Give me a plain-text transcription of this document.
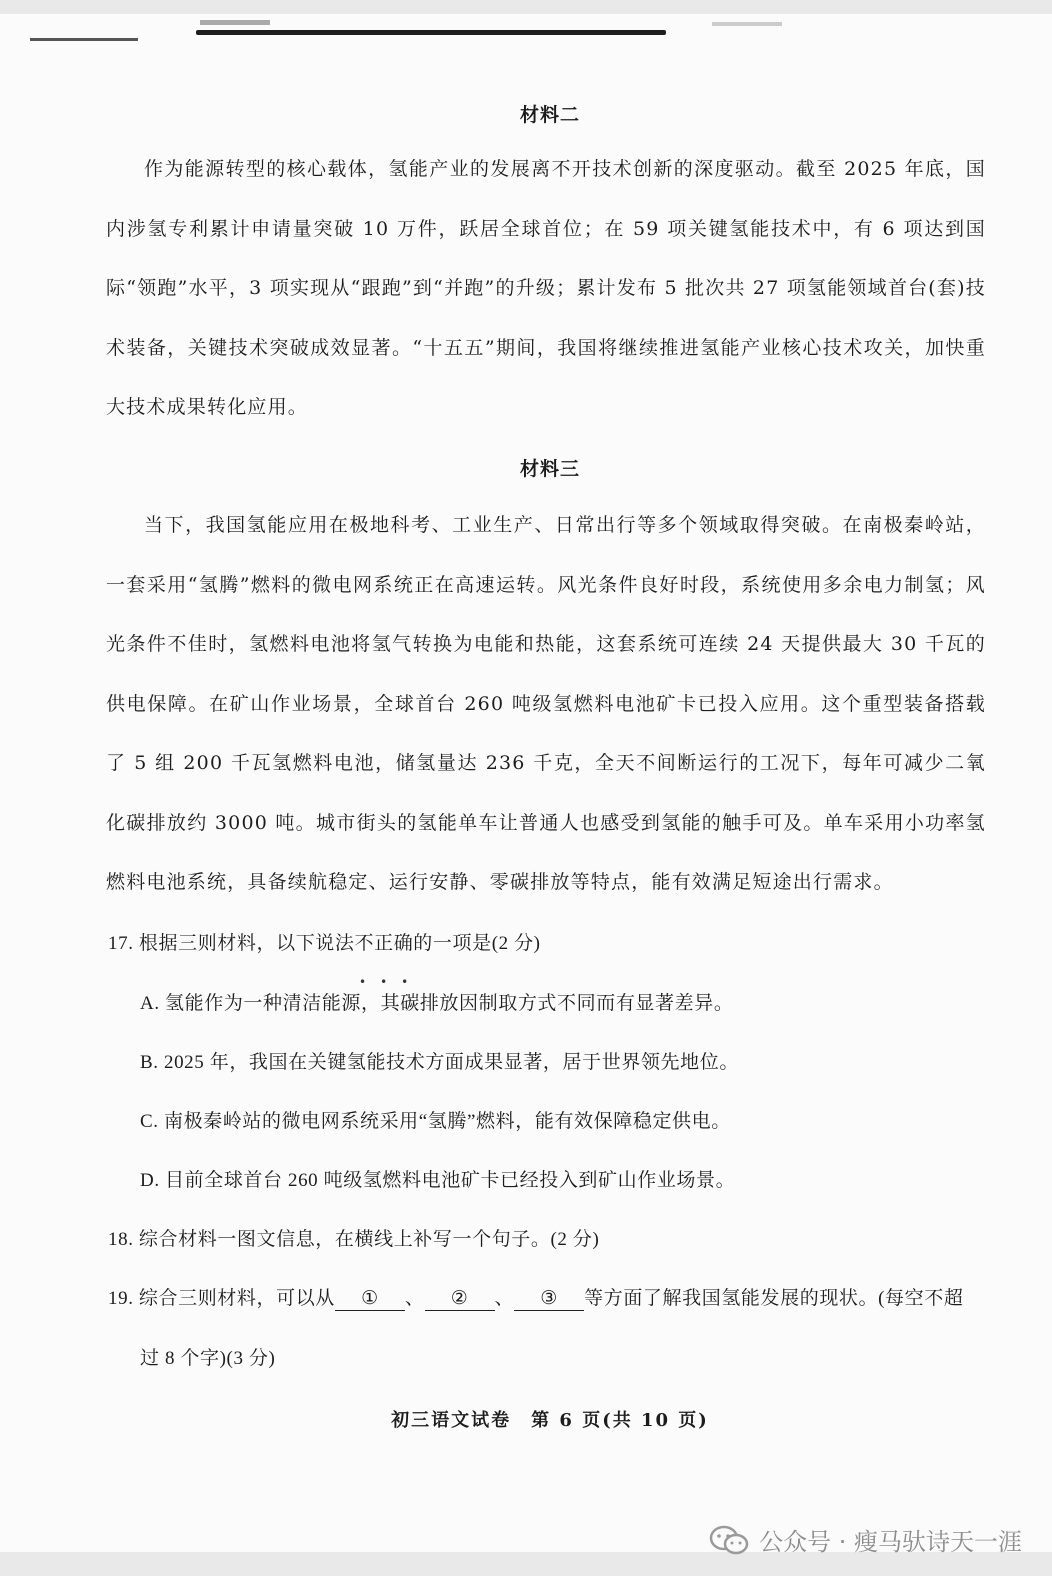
材料二

作为能源转型的核心载体，氢能产业的发展离不开技术创新的深度驱动。截至 2025 年底，国内涉氢专利累计申请量突破 10 万件，跃居全球首位；在 59 项关键氢能技术中，有 6 项达到国际“领跑”水平，3 项实现从“跟跑”到“并跑”的升级；累计发布 5 批次共 27 项氢能领域首台(套)技术装备，关键技术突破成效显著。“十五五”期间，我国将继续推进氢能产业核心技术攻关，加快重大技术成果转化应用。

材料三

当下，我国氢能应用在极地科考、工业生产、日常出行等多个领域取得突破。在南极秦岭站，一套采用“氢腾”燃料的微电网系统正在高速运转。风光条件良好时段，系统使用多余电力制氢；风光条件不佳时，氢燃料电池将氢气转换为电能和热能，这套系统可连续 24 天提供最大 30 千瓦的供电保障。在矿山作业场景，全球首台 260 吨级氢燃料电池矿卡已投入应用。这个重型装备搭载了 5 组 200 千瓦氢燃料电池，储氢量达 236 千克，全天不间断运行的工况下，每年可减少二氧化碳排放约 3000 吨。城市街头的氢能单车让普通人也感受到氢能的触手可及。单车采用小功率氢燃料电池系统，具备续航稳定、运行安静、零碳排放等特点，能有效满足短途出行需求。

17. 根据三则材料，以下说法不正确的一项是(2 分)
•••
A. 氢能作为一种清洁能源，其碳排放因制取方式不同而有显著差异。
B. 2025 年，我国在关键氢能技术方面成果显著，居于世界领先地位。
C. 南极秦岭站的微电网系统采用“氢腾”燃料，能有效保障稳定供电。
D. 目前全球首台 260 吨级氢燃料电池矿卡已经投入到矿山作业场景。
18. 综合材料一图文信息，在横线上补写一个句子。(2 分)
19. 综合三则材料，可以从 ① 、 ② 、 ③ 等方面了解我国氢能发展的现状。(每空不超
过 8 个字)(3 分)
初三语文试卷　第 6 页(共 10 页)
公众号 · 瘦马驮诗天一涯
